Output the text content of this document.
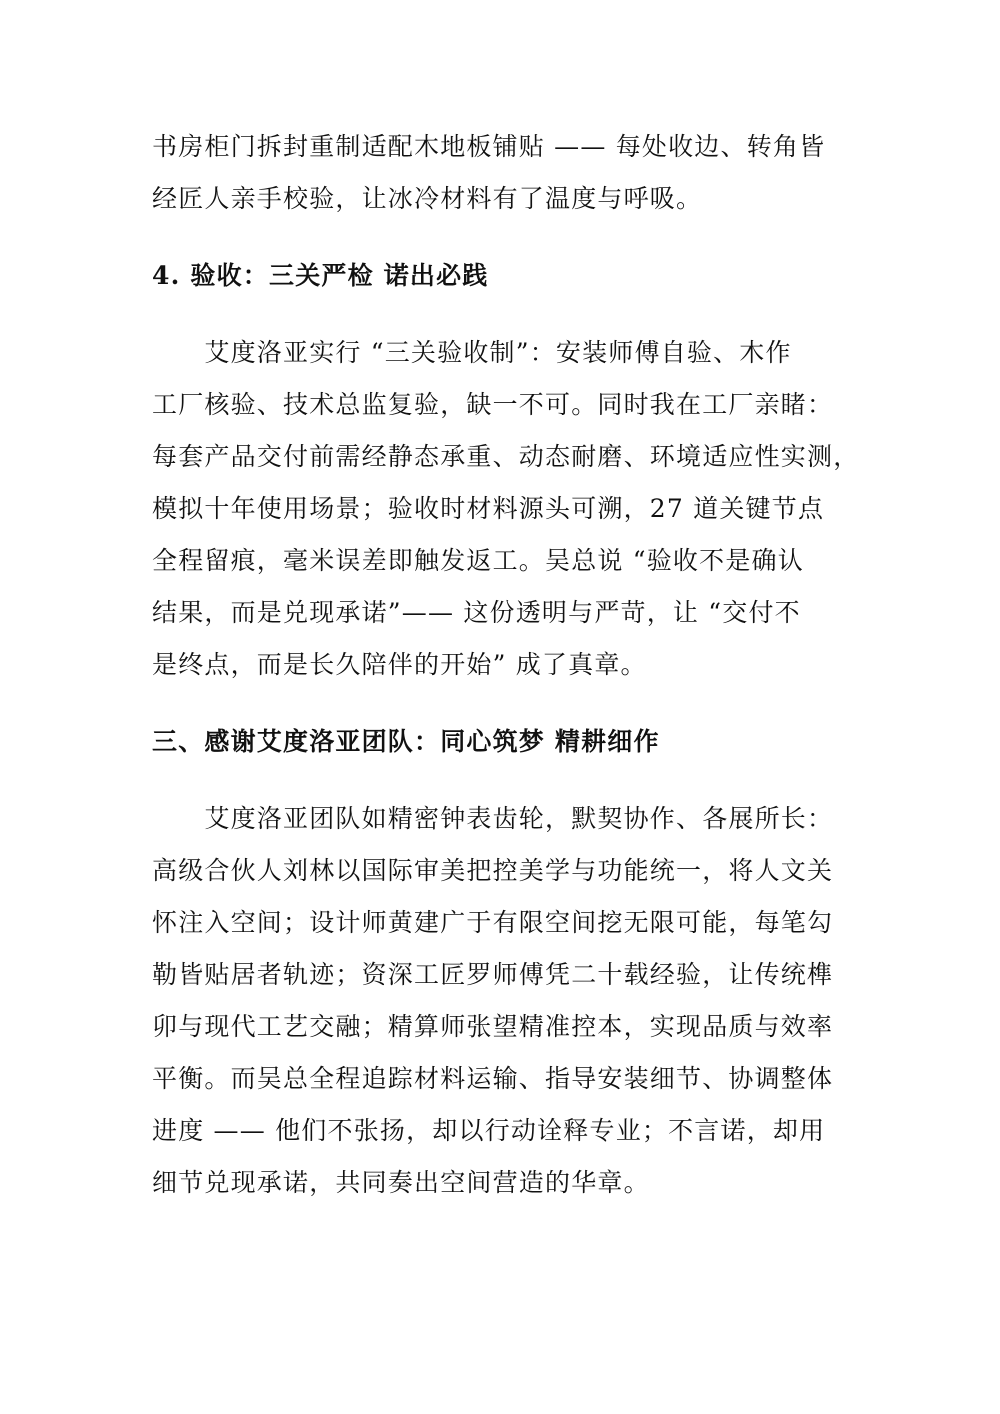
书房柜门拆封重制适配木地板铺贴 —— 每处收边、转角皆
经匠人亲手校验，让冰冷材料有了温度与呼吸。
4. 验收：三关严检 诺出必践
　　艾度洛亚实行 “三关验收制”：安装师傅自验、木作
工厂核验、技术总监复验，缺一不可。同时我在工厂亲睹：
每套产品交付前需经静态承重、动态耐磨、环境适应性实测，
模拟十年使用场景；验收时材料源头可溯，27 道关键节点
全程留痕，毫米误差即触发返工。吴总说 “验收不是确认
结果，而是兑现承诺”—— 这份透明与严苛，让 “交付不
是终点，而是长久陪伴的开始” 成了真章。
三、感谢艾度洛亚团队：同心筑梦 精耕细作
　　艾度洛亚团队如精密钟表齿轮，默契协作、各展所长：
高级合伙人刘林以国际审美把控美学与功能统一，将人文关
怀注入空间；设计师黄建广于有限空间挖无限可能，每笔勾
勒皆贴居者轨迹；资深工匠罗师傅凭二十载经验，让传统榫
卯与现代工艺交融；精算师张望精准控本，实现品质与效率
平衡。而吴总全程追踪材料运输、指导安装细节、协调整体
进度 —— 他们不张扬，却以行动诠释专业；不言诺，却用
细节兑现承诺，共同奏出空间营造的华章。
